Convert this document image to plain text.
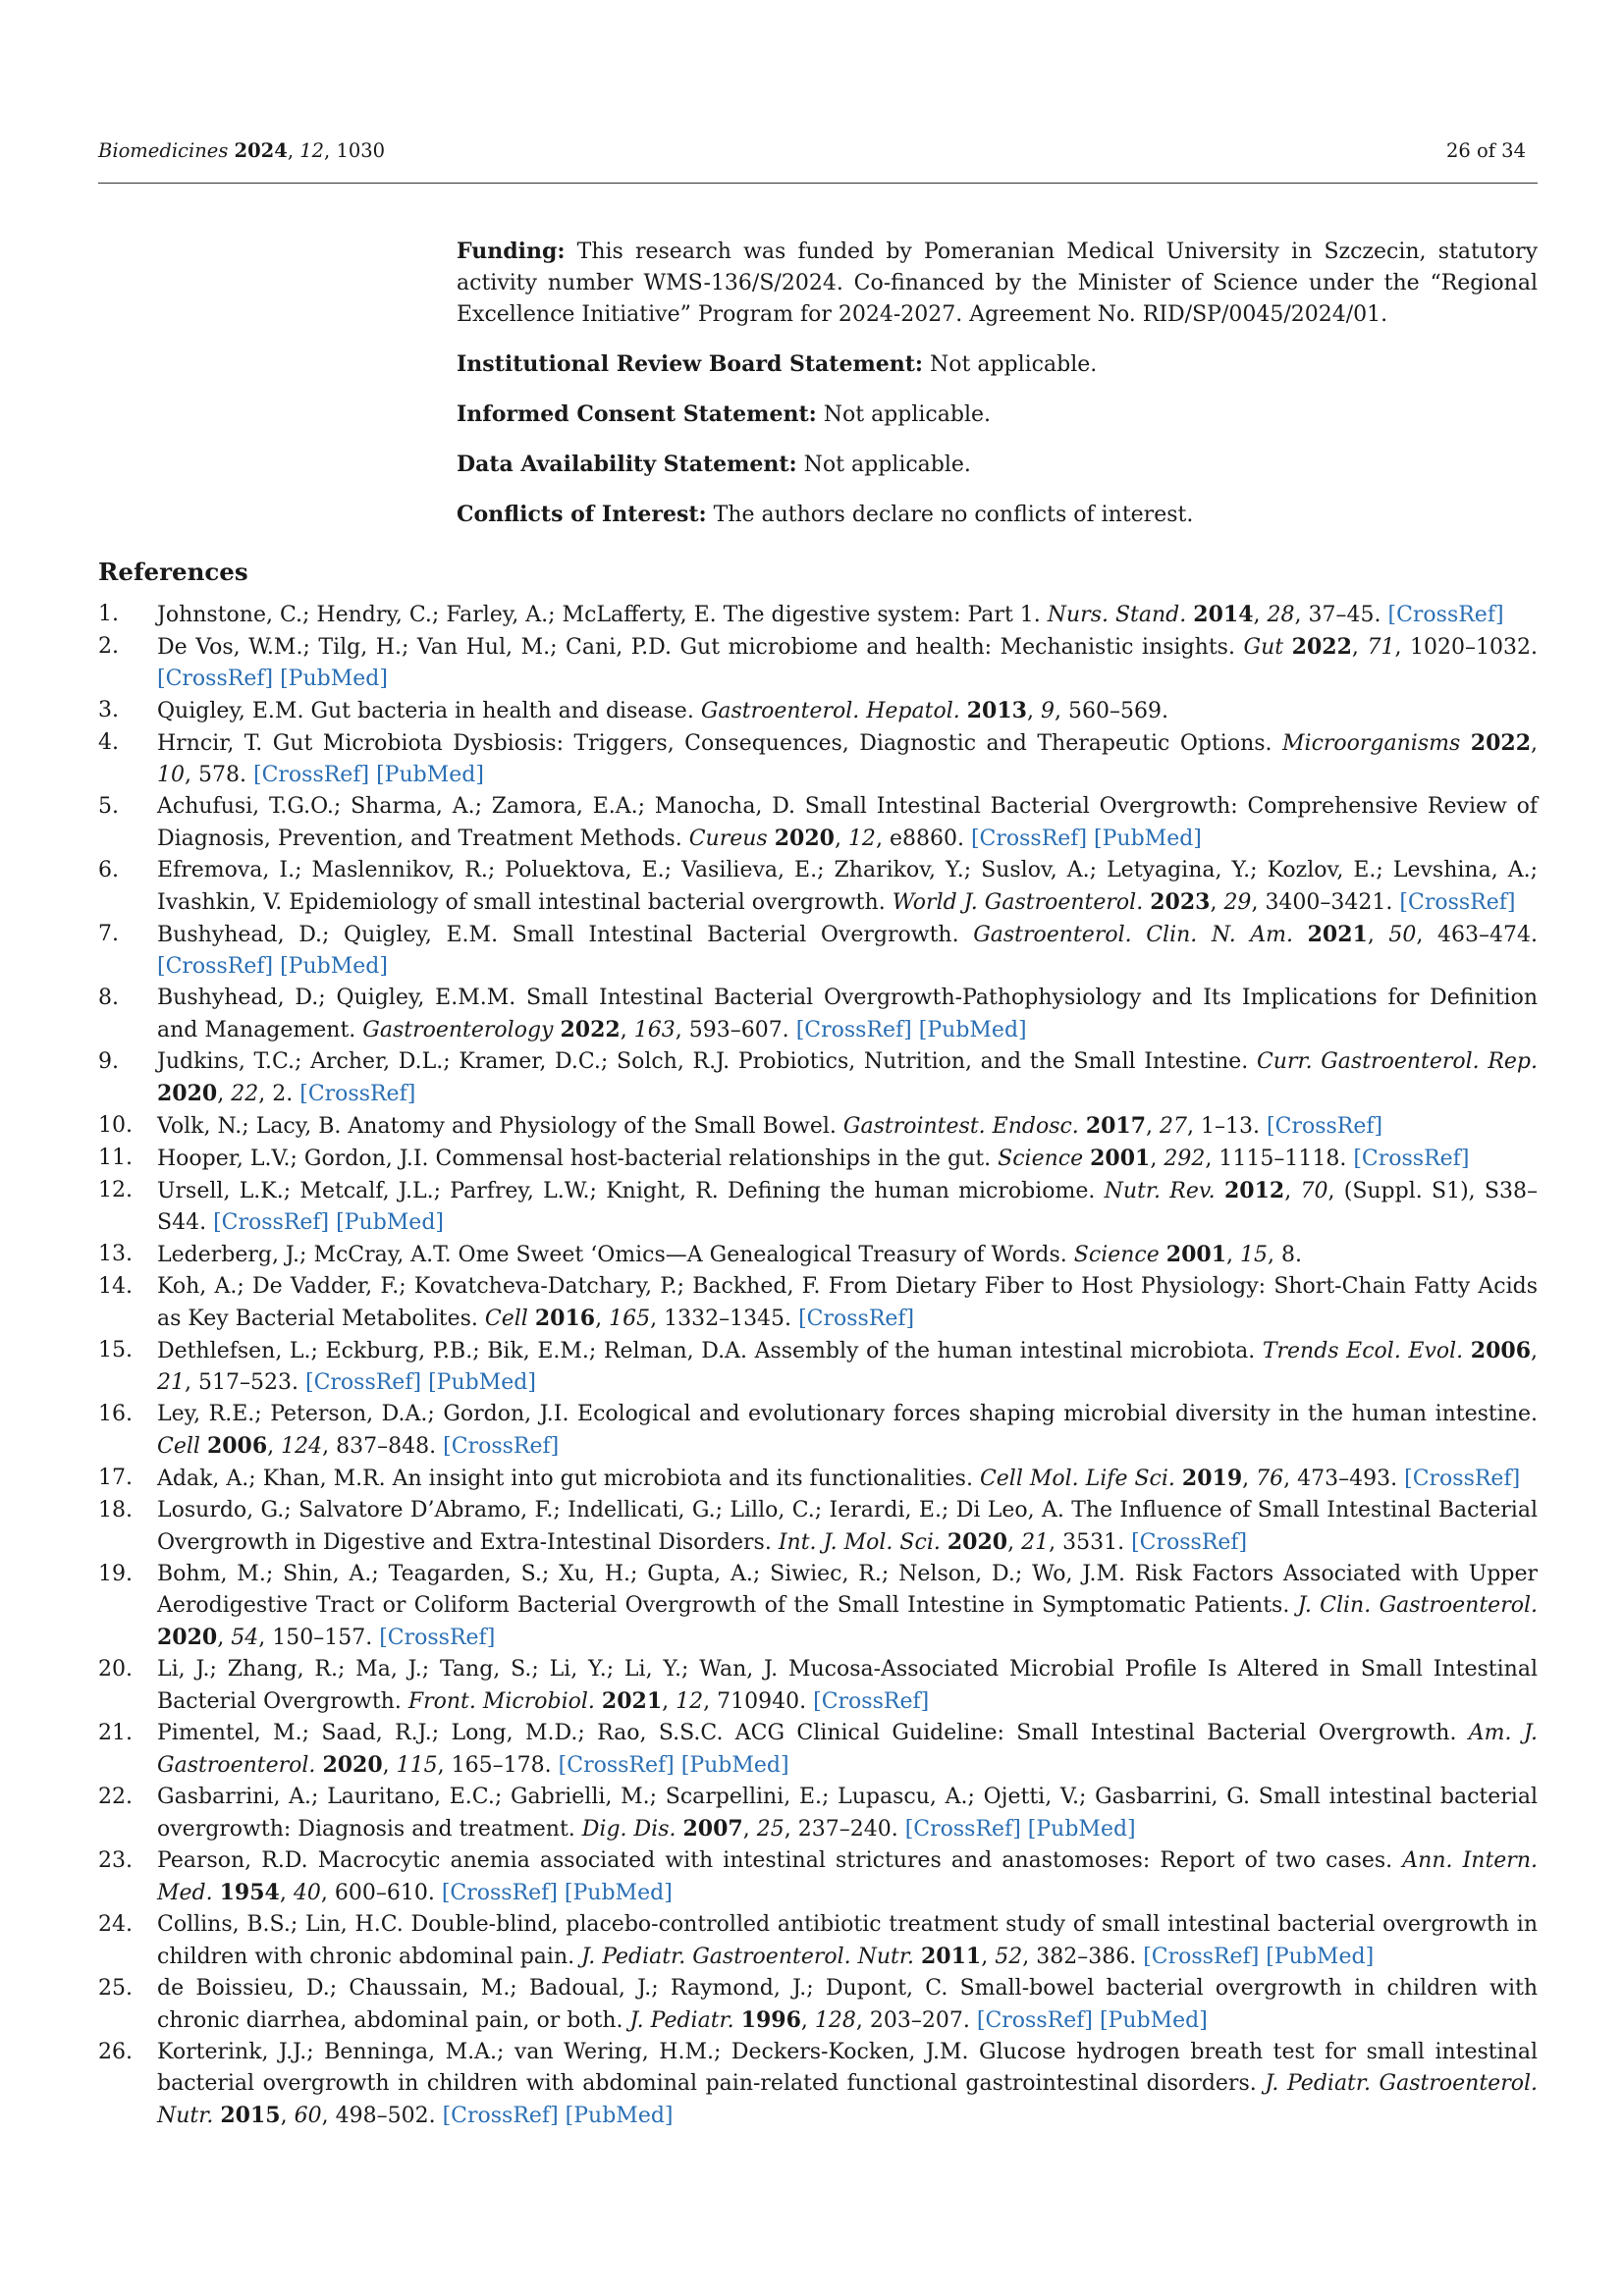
Biomedicines 2024, 12, 1030	26 of 34

Funding: This research was funded by Pomeranian Medical University in Szczecin, statutory activity number WMS-136/S/2024. Co-financed by the Minister of Science under the “Regional Excellence Initiative” Program for 2024-2027. Agreement No. RID/SP/0045/2024/01.

Institutional Review Board Statement: Not applicable.

Informed Consent Statement: Not applicable.

Data Availability Statement: Not applicable.

Conflicts of Interest: The authors declare no conflicts of interest.

References
1. Johnstone, C.; Hendry, C.; Farley, A.; McLafferty, E. The digestive system: Part 1. Nurs. Stand. 2014, 28, 37–45. [CrossRef]
2. De Vos, W.M.; Tilg, H.; Van Hul, M.; Cani, P.D. Gut microbiome and health: Mechanistic insights. Gut 2022, 71, 1020–1032. [CrossRef] [PubMed]
3. Quigley, E.M. Gut bacteria in health and disease. Gastroenterol. Hepatol. 2013, 9, 560–569.
4. Hrncir, T. Gut Microbiota Dysbiosis: Triggers, Consequences, Diagnostic and Therapeutic Options. Microorganisms 2022, 10, 578. [CrossRef] [PubMed]
5. Achufusi, T.G.O.; Sharma, A.; Zamora, E.A.; Manocha, D. Small Intestinal Bacterial Overgrowth: Comprehensive Review of Diagnosis, Prevention, and Treatment Methods. Cureus 2020, 12, e8860. [CrossRef] [PubMed]
6. Efremova, I.; Maslennikov, R.; Poluektova, E.; Vasilieva, E.; Zharikov, Y.; Suslov, A.; Letyagina, Y.; Kozlov, E.; Levshina, A.; Ivashkin, V. Epidemiology of small intestinal bacterial overgrowth. World J. Gastroenterol. 2023, 29, 3400–3421. [CrossRef]
7. Bushyhead, D.; Quigley, E.M. Small Intestinal Bacterial Overgrowth. Gastroenterol. Clin. N. Am. 2021, 50, 463–474. [CrossRef] [PubMed]
8. Bushyhead, D.; Quigley, E.M.M. Small Intestinal Bacterial Overgrowth-Pathophysiology and Its Implications for Definition and Management. Gastroenterology 2022, 163, 593–607. [CrossRef] [PubMed]
9. Judkins, T.C.; Archer, D.L.; Kramer, D.C.; Solch, R.J. Probiotics, Nutrition, and the Small Intestine. Curr. Gastroenterol. Rep. 2020, 22, 2. [CrossRef]
10. Volk, N.; Lacy, B. Anatomy and Physiology of the Small Bowel. Gastrointest. Endosc. 2017, 27, 1–13. [CrossRef]
11. Hooper, L.V.; Gordon, J.I. Commensal host-bacterial relationships in the gut. Science 2001, 292, 1115–1118. [CrossRef]
12. Ursell, L.K.; Metcalf, J.L.; Parfrey, L.W.; Knight, R. Defining the human microbiome. Nutr. Rev. 2012, 70, (Suppl. S1), S38–S44. [CrossRef] [PubMed]
13. Lederberg, J.; McCray, A.T. Ome Sweet ‘Omics—A Genealogical Treasury of Words. Science 2001, 15, 8.
14. Koh, A.; De Vadder, F.; Kovatcheva-Datchary, P.; Backhed, F. From Dietary Fiber to Host Physiology: Short-Chain Fatty Acids as Key Bacterial Metabolites. Cell 2016, 165, 1332–1345. [CrossRef]
15. Dethlefsen, L.; Eckburg, P.B.; Bik, E.M.; Relman, D.A. Assembly of the human intestinal microbiota. Trends Ecol. Evol. 2006, 21, 517–523. [CrossRef] [PubMed]
16. Ley, R.E.; Peterson, D.A.; Gordon, J.I. Ecological and evolutionary forces shaping microbial diversity in the human intestine. Cell 2006, 124, 837–848. [CrossRef]
17. Adak, A.; Khan, M.R. An insight into gut microbiota and its functionalities. Cell Mol. Life Sci. 2019, 76, 473–493. [CrossRef]
18. Losurdo, G.; Salvatore D’Abramo, F.; Indellicati, G.; Lillo, C.; Ierardi, E.; Di Leo, A. The Influence of Small Intestinal Bacterial Overgrowth in Digestive and Extra-Intestinal Disorders. Int. J. Mol. Sci. 2020, 21, 3531. [CrossRef]
19. Bohm, M.; Shin, A.; Teagarden, S.; Xu, H.; Gupta, A.; Siwiec, R.; Nelson, D.; Wo, J.M. Risk Factors Associated with Upper Aerodigestive Tract or Coliform Bacterial Overgrowth of the Small Intestine in Symptomatic Patients. J. Clin. Gastroenterol. 2020, 54, 150–157. [CrossRef]
20. Li, J.; Zhang, R.; Ma, J.; Tang, S.; Li, Y.; Li, Y.; Wan, J. Mucosa-Associated Microbial Profile Is Altered in Small Intestinal Bacterial Overgrowth. Front. Microbiol. 2021, 12, 710940. [CrossRef]
21. Pimentel, M.; Saad, R.J.; Long, M.D.; Rao, S.S.C. ACG Clinical Guideline: Small Intestinal Bacterial Overgrowth. Am. J. Gastroenterol. 2020, 115, 165–178. [CrossRef] [PubMed]
22. Gasbarrini, A.; Lauritano, E.C.; Gabrielli, M.; Scarpellini, E.; Lupascu, A.; Ojetti, V.; Gasbarrini, G. Small intestinal bacterial overgrowth: Diagnosis and treatment. Dig. Dis. 2007, 25, 237–240. [CrossRef] [PubMed]
23. Pearson, R.D. Macrocytic anemia associated with intestinal strictures and anastomoses: Report of two cases. Ann. Intern. Med. 1954, 40, 600–610. [CrossRef] [PubMed]
24. Collins, B.S.; Lin, H.C. Double-blind, placebo-controlled antibiotic treatment study of small intestinal bacterial overgrowth in children with chronic abdominal pain. J. Pediatr. Gastroenterol. Nutr. 2011, 52, 382–386. [CrossRef] [PubMed]
25. de Boissieu, D.; Chaussain, M.; Badoual, J.; Raymond, J.; Dupont, C. Small-bowel bacterial overgrowth in children with chronic diarrhea, abdominal pain, or both. J. Pediatr. 1996, 128, 203–207. [CrossRef] [PubMed]
26. Korterink, J.J.; Benninga, M.A.; van Wering, H.M.; Deckers-Kocken, J.M. Glucose hydrogen breath test for small intestinal bacterial overgrowth in children with abdominal pain-related functional gastrointestinal disorders. J. Pediatr. Gastroenterol. Nutr. 2015, 60, 498–502. [CrossRef] [PubMed]
